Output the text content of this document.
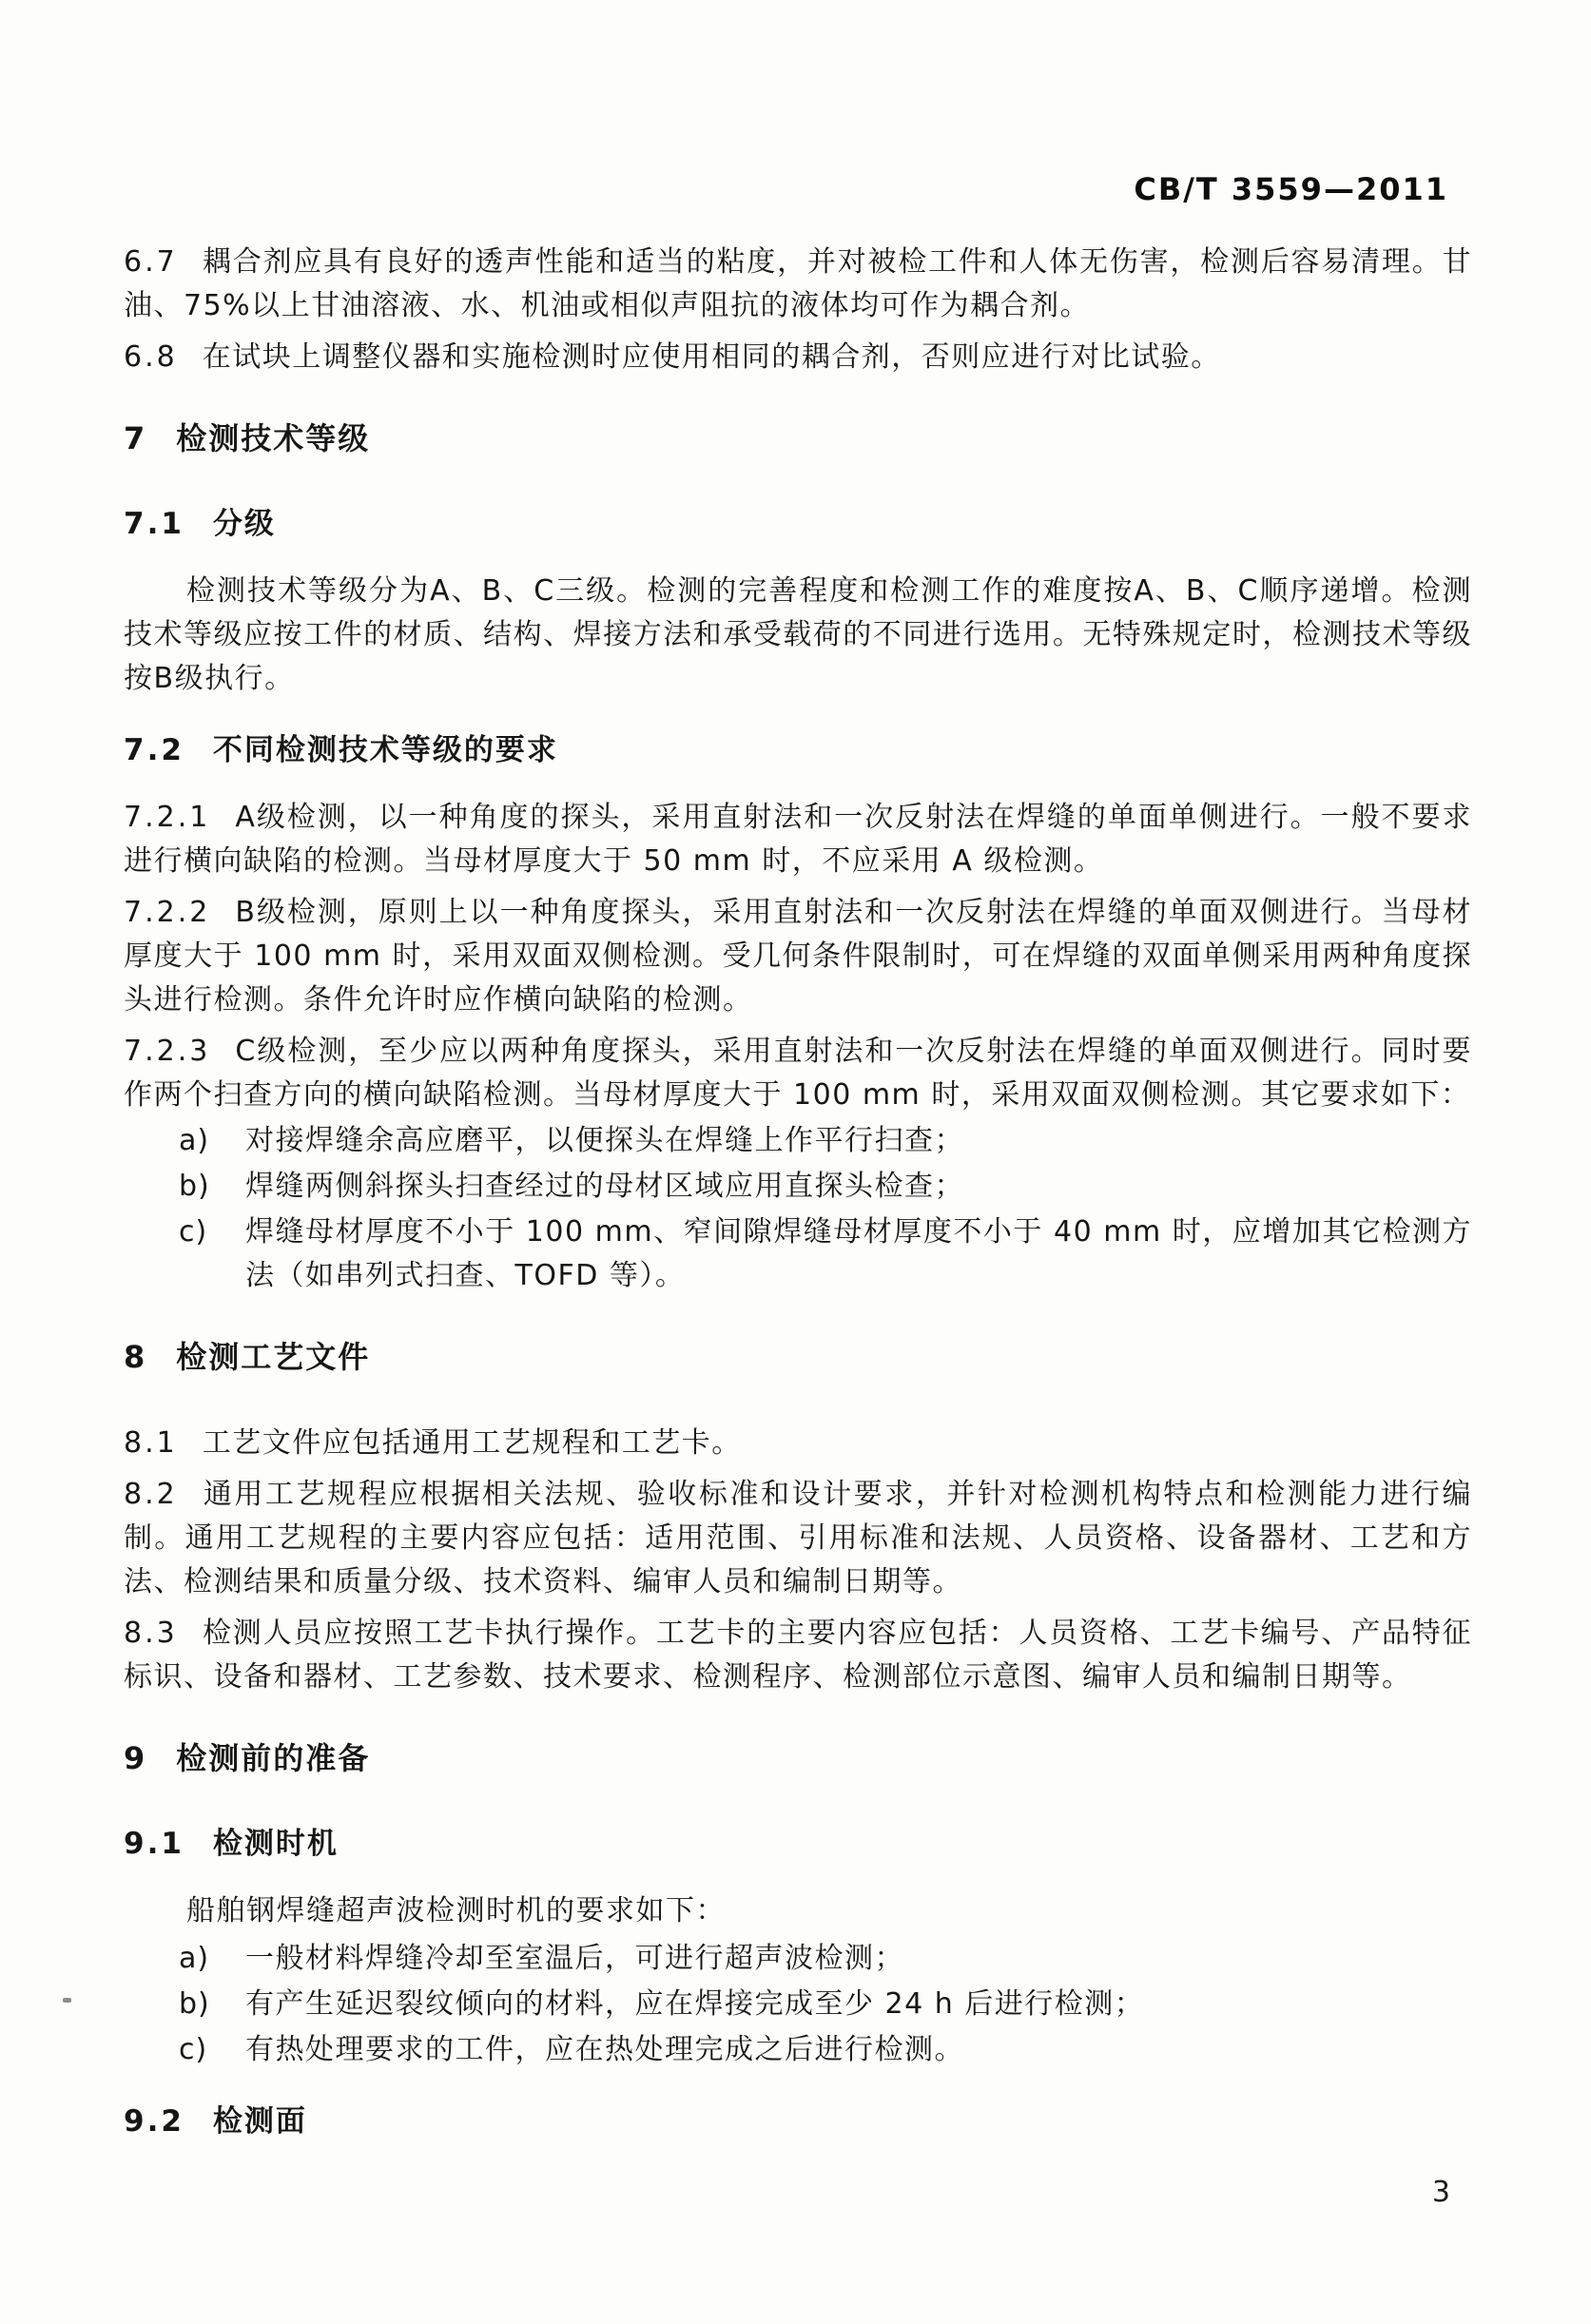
CB/T 3559—2011

6.7 耦合剂应具有良好的透声性能和适当的粘度，并对被检工件和人体无伤害，检测后容易清理。甘油、75%以上甘油溶液、水、机油或相似声阻抗的液体均可作为耦合剂。

6.8 在试块上调整仪器和实施检测时应使用相同的耦合剂，否则应进行对比试验。

7 检测技术等级
7.1 分级

检测技术等级分为A、B、C三级。检测的完善程度和检测工作的难度按A、B、C顺序递增。检测技术等级应按工件的材质、结构、焊接方法和承受载荷的不同进行选用。无特殊规定时，检测技术等级按B级执行。

7.2 不同检测技术等级的要求

7.2.1 A级检测，以一种角度的探头，采用直射法和一次反射法在焊缝的单面单侧进行。一般不要求进行横向缺陷的检测。当母材厚度大于 50 mm 时，不应采用 A 级检测。

7.2.2 B级检测，原则上以一种角度探头，采用直射法和一次反射法在焊缝的单面双侧进行。当母材厚度大于 100 mm 时，采用双面双侧检测。受几何条件限制时，可在焊缝的双面单侧采用两种角度探头进行检测。条件允许时应作横向缺陷的检测。

7.2.3 C级检测，至少应以两种角度探头，采用直射法和一次反射法在焊缝的单面双侧进行。同时要作两个扫查方向的横向缺陷检测。当母材厚度大于 100 mm 时，采用双面双侧检测。其它要求如下：

a) 对接焊缝余高应磨平，以便探头在焊缝上作平行扫查；

b) 焊缝两侧斜探头扫查经过的母材区域应用直探头检查；

c) 焊缝母材厚度不小于 100 mm、窄间隙焊缝母材厚度不小于 40 mm 时，应增加其它检测方法（如串列式扫查、TOFD 等）。

8 检测工艺文件

8.1 工艺文件应包括通用工艺规程和工艺卡。

8.2 通用工艺规程应根据相关法规、验收标准和设计要求，并针对检测机构特点和检测能力进行编制。通用工艺规程的主要内容应包括：适用范围、引用标准和法规、人员资格、设备器材、工艺和方法、检测结果和质量分级、技术资料、编审人员和编制日期等。

8.3 检测人员应按照工艺卡执行操作。工艺卡的主要内容应包括：人员资格、工艺卡编号、产品特征标识、设备和器材、工艺参数、技术要求、检测程序、检测部位示意图、编审人员和编制日期等。

9 检测前的准备
9.1 检测时机

船舶钢焊缝超声波检测时机的要求如下：

a) 一般材料焊缝冷却至室温后，可进行超声波检测；

b) 有产生延迟裂纹倾向的材料，应在焊接完成至少 24 h 后进行检测；

c) 有热处理要求的工件，应在热处理完成之后进行检测。

9.2 检测面
3
